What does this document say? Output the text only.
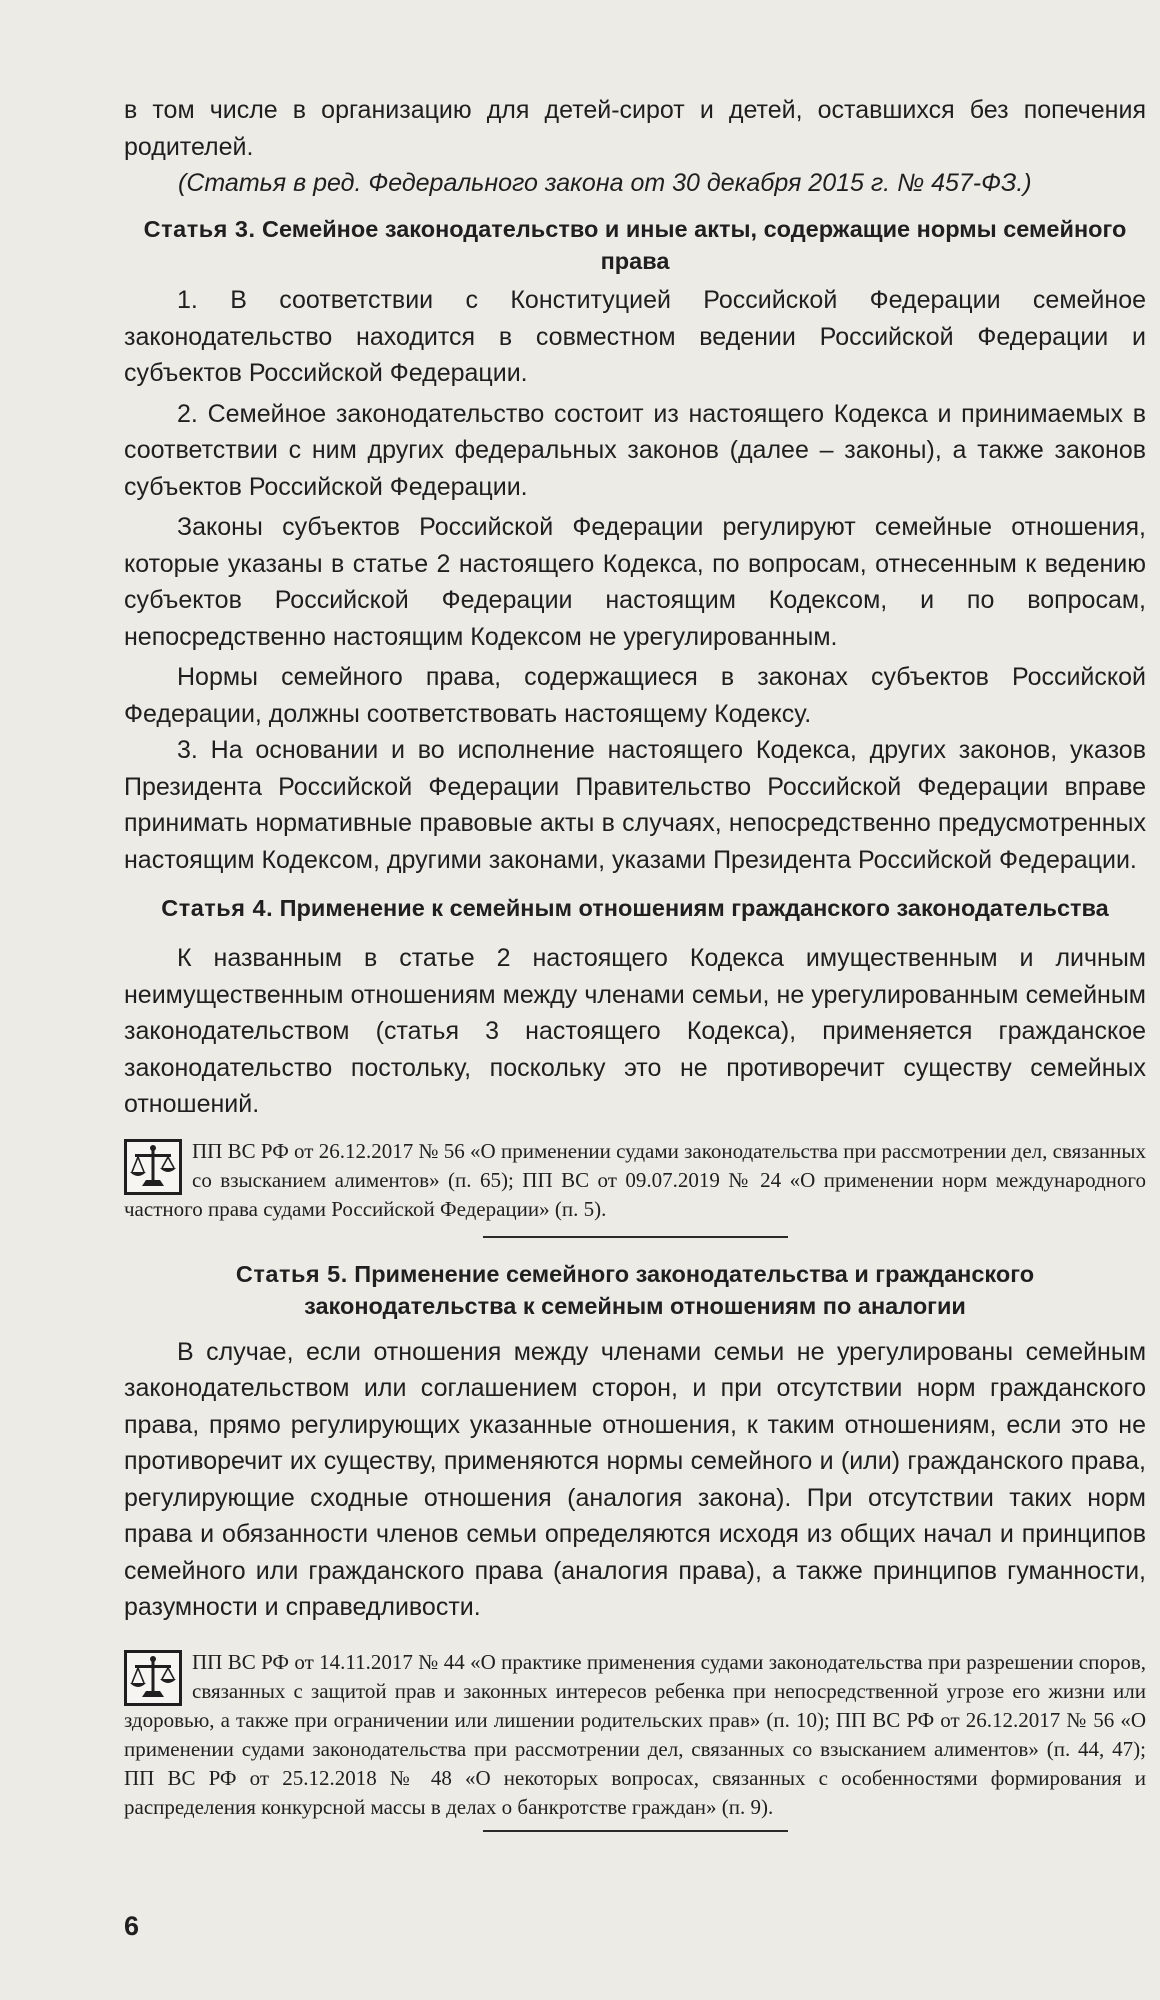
в том числе в организацию для детей-сирот и детей, оставшихся без попечения родителей.

(Статья в ред. Федерального закона от 30 декабря 2015 г. № 457-ФЗ.)

Статья 3. Семейное законодательство и иные акты, содержащие нормы семейного права

1. В соответствии с Конституцией Российской Федерации семейное законодательство находится в совместном ведении Российской Федерации и субъектов Российской Федерации.

2. Семейное законодательство состоит из настоящего Кодекса и принимаемых в соответствии с ним других федеральных законов (далее – законы), а также законов субъектов Российской Федерации.

Законы субъектов Российской Федерации регулируют семейные отношения, которые указаны в статье 2 настоящего Кодекса, по вопросам, отнесенным к ведению субъектов Российской Федерации настоящим Кодексом, и по вопросам, непосредственно настоящим Кодексом не урегулированным.

Нормы семейного права, содержащиеся в законах субъектов Российской Федерации, должны соответствовать настоящему Кодексу.

3. На основании и во исполнение настоящего Кодекса, других законов, указов Президента Российской Федерации Правительство Российской Федерации вправе принимать нормативные правовые акты в случаях, непосредственно предусмотренных настоящим Кодексом, другими законами, указами Президента Российской Федерации.

Статья 4. Применение к семейным отношениям гражданского законодательства

К названным в статье 2 настоящего Кодекса имущественным и личным неимущественным отношениям между членами семьи, не урегулированным семейным законодательством (статья 3 настоящего Кодекса), применяется гражданское законодательство постольку, поскольку это не противоречит существу семейных отношений.

ПП ВС РФ от 26.12.2017 № 56 «О применении судами законодательства при рассмотрении дел, связанных со взысканием алиментов» (п. 65); ПП ВС от 09.07.2019 № 24 «О применении норм международного частного права судами Российской Федерации» (п. 5).

Статья 5. Применение семейного законодательства и гражданского законодательства к семейным отношениям по аналогии

В случае, если отношения между членами семьи не урегулированы семейным законодательством или соглашением сторон, и при отсутствии норм гражданского права, прямо регулирующих указанные отношения, к таким отношениям, если это не противоречит их существу, применяются нормы семейного и (или) гражданского права, регулирующие сходные отношения (аналогия закона). При отсутствии таких норм права и обязанности членов семьи определяются исходя из общих начал и принципов семейного или гражданского права (аналогия права), а также принципов гуманности, разумности и справедливости.

ПП ВС РФ от 14.11.2017 № 44 «О практике применения судами законодательства при разрешении споров, связанных с защитой прав и законных интересов ребенка при непосредственной угрозе его жизни или здоровью, а также при ограничении или лишении родительских прав» (п. 10); ПП ВС РФ от 26.12.2017 № 56 «О применении судами законодательства при рассмотрении дел, связанных со взысканием алиментов» (п. 44, 47); ПП ВС РФ от 25.12.2018 № 48 «О некоторых вопросах, связанных с особенностями формирования и распределения конкурсной массы в делах о банкротстве граждан» (п. 9).

6
